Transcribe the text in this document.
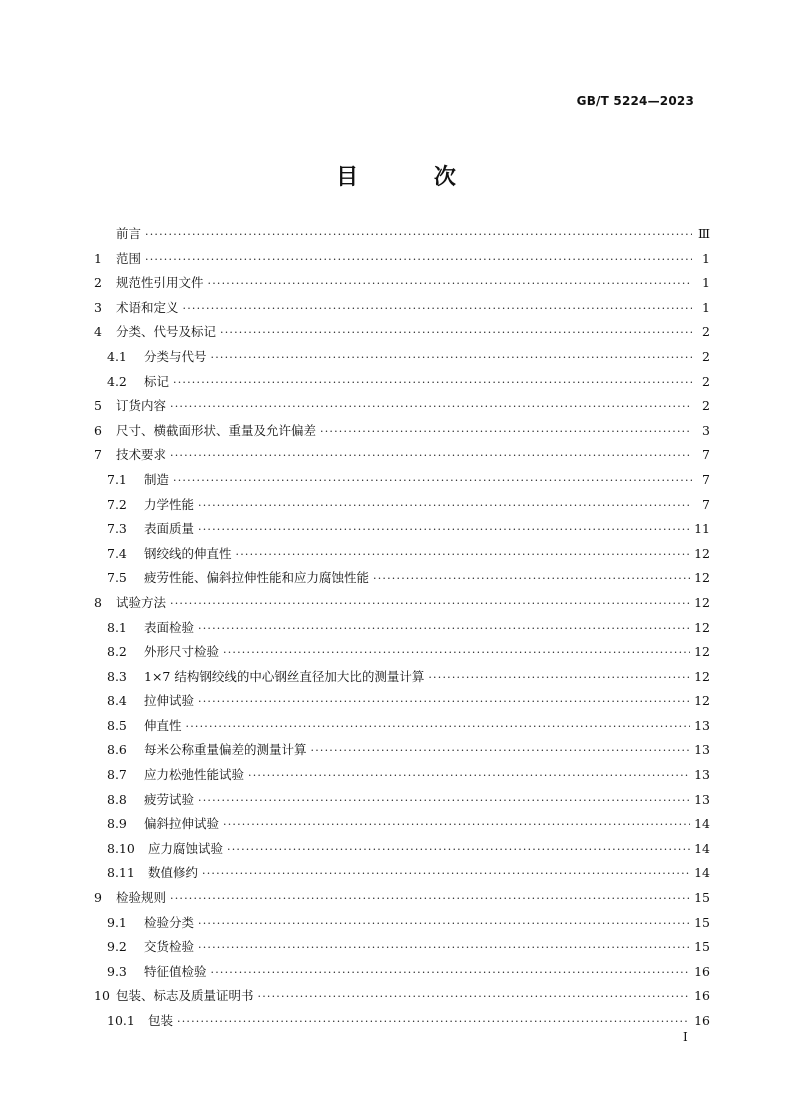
GB/T 5224—2023
目 次
前言 ·····	Ⅲ
1	范围 ·····	1
2	规范性引用文件 ·····	1
3	术语和定义 ·····	1
4	分类、代号及标记 ·····	2
4.1	分类与代号 ·····	2
4.2	标记 ·····	2
5	订货内容 ·····	2
6	尺寸、横截面形状、重量及允许偏差 ·····	3
7	技术要求 ·····	7
7.1	制造 ·····	7
7.2	力学性能 ·····	7
7.3	表面质量 ·····	11
7.4	钢绞线的伸直性 ·····	12
7.5	疲劳性能、偏斜拉伸性能和应力腐蚀性能 ·····	12
8	试验方法 ·····	12
8.1	表面检验 ·····	12
8.2	外形尺寸检验 ·····	12
8.3	1×7 结构钢绞线的中心钢丝直径加大比的测量计算 ·····	12
8.4	拉伸试验 ·····	12
8.5	伸直性 ·····	13
8.6	每米公称重量偏差的测量计算 ·····	13
8.7	应力松弛性能试验 ·····	13
8.8	疲劳试验 ·····	13
8.9	偏斜拉伸试验 ·····	14
8.10	应力腐蚀试验 ·····	14
8.11	数值修约 ·····	14
9	检验规则 ·····	15
9.1	检验分类 ·····	15
9.2	交货检验 ·····	15
9.3	特征值检验 ·····	16
10 包装、标志及质量证明书 ·····	16
10.1	包装 ·····	16
Ⅰ
